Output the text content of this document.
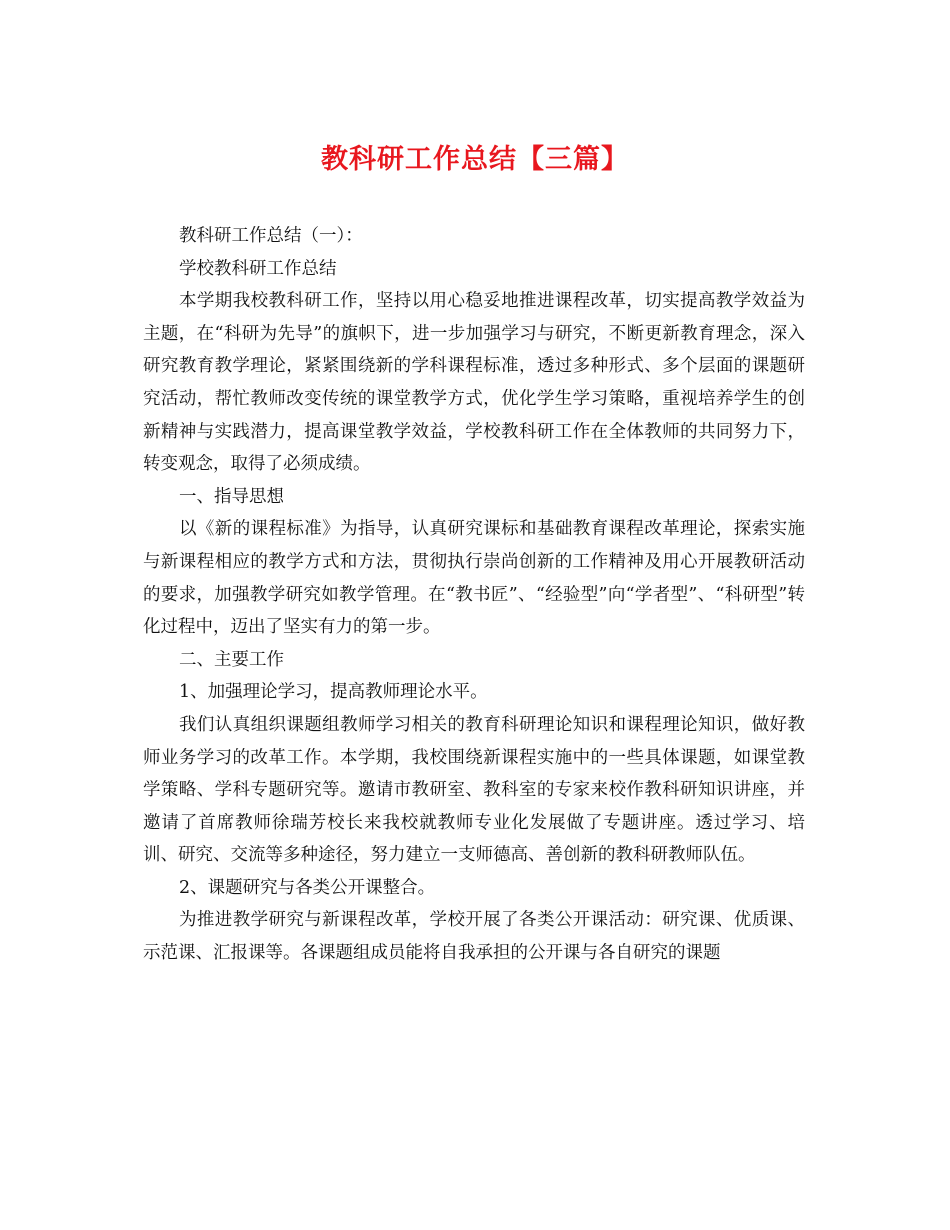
教科研工作总结【三篇】

教科研工作总结（一）：

学校教科研工作总结

本学期我校教科研工作，坚持以用心稳妥地推进课程改革，切实提高教学效益为主题，在“科研为先导”的旗帜下，进一步加强学习与研究，不断更新教育理念，深入研究教育教学理论，紧紧围绕新的学科课程标准，透过多种形式、多个层面的课题研究活动，帮忙教师改变传统的课堂教学方式，优化学生学习策略，重视培养学生的创新精神与实践潜力，提高课堂教学效益，学校教科研工作在全体教师的共同努力下，转变观念，取得了必须成绩。

一、指导思想

以《新的课程标准》为指导，认真研究课标和基础教育课程改革理论，探索实施与新课程相应的教学方式和方法，贯彻执行崇尚创新的工作精神及用心开展教研活动的要求，加强教学研究如教学管理。在“教书匠”、“经验型”向“学者型”、“科研型”转化过程中，迈出了坚实有力的第一步。

二、主要工作

1、加强理论学习，提高教师理论水平。

我们认真组织课题组教师学习相关的教育科研理论知识和课程理论知识，做好教师业务学习的改革工作。本学期，我校围绕新课程实施中的一些具体课题，如课堂教学策略、学科专题研究等。邀请市教研室、教科室的专家来校作教科研知识讲座，并邀请了首席教师徐瑞芳校长来我校就教师专业化发展做了专题讲座。透过学习、培训、研究、交流等多种途径，努力建立一支师德高、善创新的教科研教师队伍。

2、课题研究与各类公开课整合。

为推进教学研究与新课程改革，学校开展了各类公开课活动：研究课、优质课、示范课、汇报课等。各课题组成员能将自我承担的公开课与各自研究的课题
